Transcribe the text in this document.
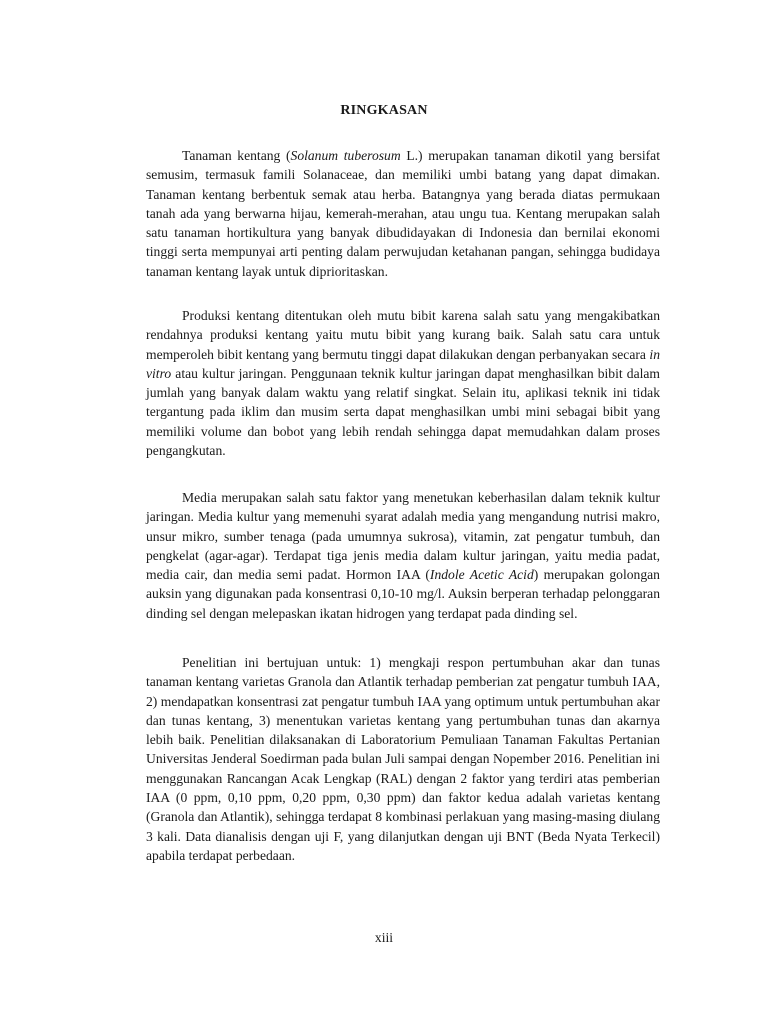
RINGKASAN

Tanaman kentang (Solanum tuberosum L.) merupakan tanaman dikotil yang bersifat semusim, termasuk famili Solanaceae, dan memiliki umbi batang yang dapat dimakan. Tanaman kentang berbentuk semak atau herba. Batangnya yang berada diatas permukaan tanah ada yang berwarna hijau, kemerah-merahan, atau ungu tua. Kentang merupakan salah satu tanaman hortikultura yang banyak dibudidayakan di Indonesia dan bernilai ekonomi tinggi serta mempunyai arti penting dalam perwujudan ketahanan pangan, sehingga budidaya tanaman kentang layak untuk diprioritaskan.

Produksi kentang ditentukan oleh mutu bibit karena salah satu yang mengakibatkan rendahnya produksi kentang yaitu mutu bibit yang kurang baik. Salah satu cara untuk memperoleh bibit kentang yang bermutu tinggi dapat dilakukan dengan perbanyakan secara in vitro atau kultur jaringan. Penggunaan teknik kultur jaringan dapat menghasilkan bibit dalam jumlah yang banyak dalam waktu yang relatif singkat. Selain itu, aplikasi teknik ini tidak tergantung pada iklim dan musim serta dapat menghasilkan umbi mini sebagai bibit yang memiliki volume dan bobot yang lebih rendah sehingga dapat memudahkan dalam proses pengangkutan.

Media merupakan salah satu faktor yang menetukan keberhasilan dalam teknik kultur jaringan. Media kultur yang memenuhi syarat adalah media yang mengandung nutrisi makro, unsur mikro, sumber tenaga (pada umumnya sukrosa), vitamin, zat pengatur tumbuh, dan pengkelat (agar-agar). Terdapat tiga jenis media dalam kultur jaringan, yaitu media padat, media cair, dan media semi padat. Hormon IAA (Indole Acetic Acid) merupakan golongan auksin yang digunakan pada konsentrasi 0,10-10 mg/l. Auksin berperan terhadap pelonggaran dinding sel dengan melepaskan ikatan hidrogen yang terdapat pada dinding sel.

Penelitian ini bertujuan untuk: 1) mengkaji respon pertumbuhan akar dan tunas tanaman kentang varietas Granola dan Atlantik terhadap pemberian zat pengatur tumbuh IAA, 2) mendapatkan konsentrasi zat pengatur tumbuh IAA yang optimum untuk pertumbuhan akar dan tunas kentang, 3) menentukan varietas kentang yang pertumbuhan tunas dan akarnya lebih baik. Penelitian dilaksanakan di Laboratorium Pemuliaan Tanaman Fakultas Pertanian Universitas Jenderal Soedirman pada bulan Juli sampai dengan Nopember 2016. Penelitian ini menggunakan Rancangan Acak Lengkap (RAL) dengan 2 faktor yang terdiri atas pemberian IAA (0 ppm, 0,10 ppm, 0,20 ppm, 0,30 ppm) dan faktor kedua adalah varietas kentang (Granola dan Atlantik), sehingga terdapat 8 kombinasi perlakuan yang masing-masing diulang 3 kali. Data dianalisis dengan uji F, yang dilanjutkan dengan uji BNT (Beda Nyata Terkecil) apabila terdapat perbedaan.

xiii
